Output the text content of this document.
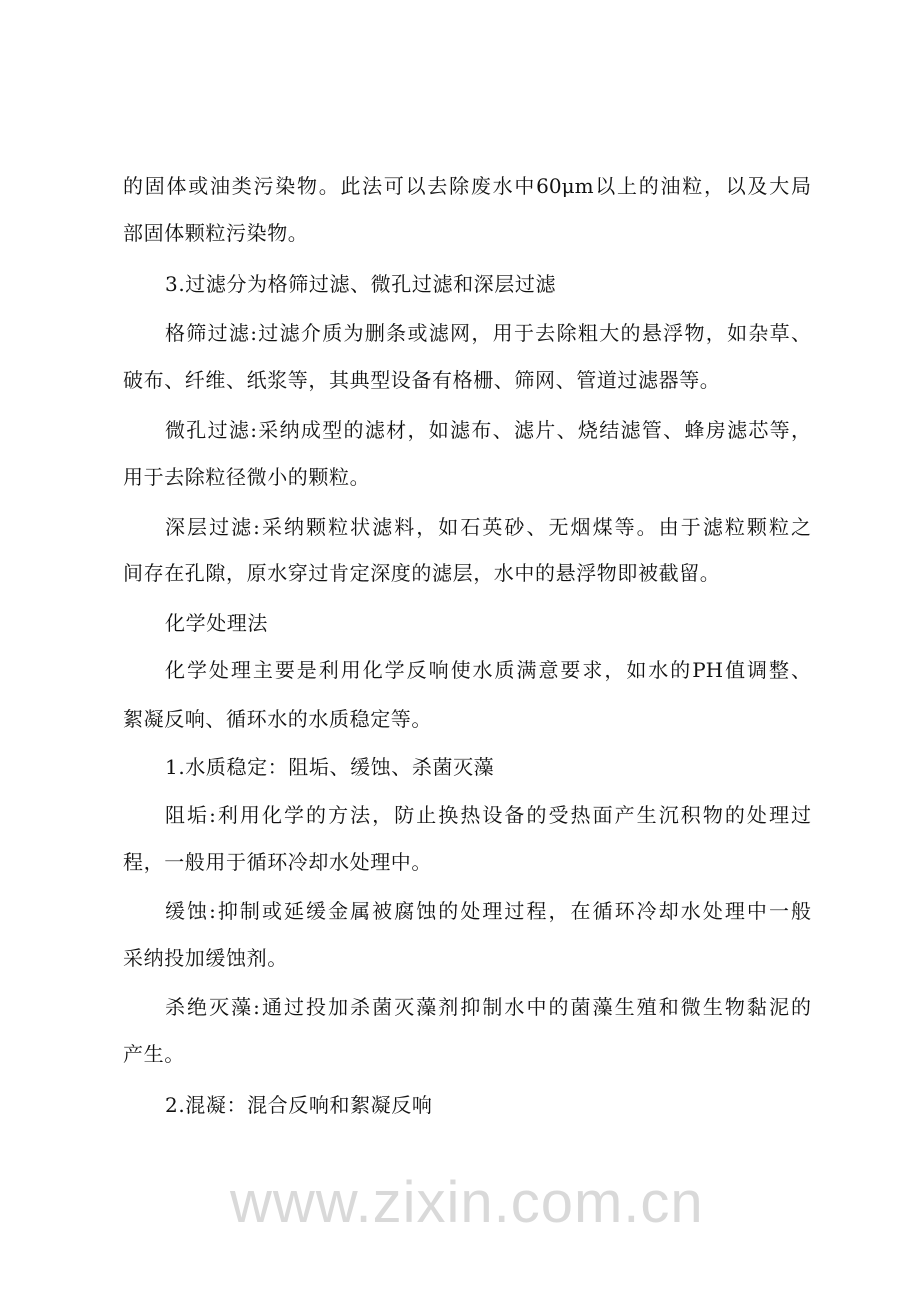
www.zixin.com.cn
的固体或油类污染物。此法可以去除废水中60μm以上的油粒，以及大局
部固体颗粒污染物。
3.过滤分为格筛过滤、微孔过滤和深层过滤
格筛过滤:过滤介质为删条或滤网，用于去除粗大的悬浮物，如杂草、
破布、纤维、纸浆等，其典型设备有格栅、筛网、管道过滤器等。
微孔过滤:采纳成型的滤材，如滤布、滤片、烧结滤管、蜂房滤芯等，
用于去除粒径微小的颗粒。
深层过滤:采纳颗粒状滤料，如石英砂、无烟煤等。由于滤粒颗粒之
间存在孔隙，原水穿过肯定深度的滤层，水中的悬浮物即被截留。
化学处理法
化学处理主要是利用化学反响使水质满意要求，如水的PH值调整、
絮凝反响、循环水的水质稳定等。
1.水质稳定：阻垢、缓蚀、杀菌灭藻
阻垢:利用化学的方法，防止换热设备的受热面产生沉积物的处理过
程，一般用于循环冷却水处理中。
缓蚀:抑制或延缓金属被腐蚀的处理过程，在循环冷却水处理中一般
采纳投加缓蚀剂。
杀绝灭藻:通过投加杀菌灭藻剂抑制水中的菌藻生殖和微生物黏泥的
产生。
2.混凝：混合反响和絮凝反响
